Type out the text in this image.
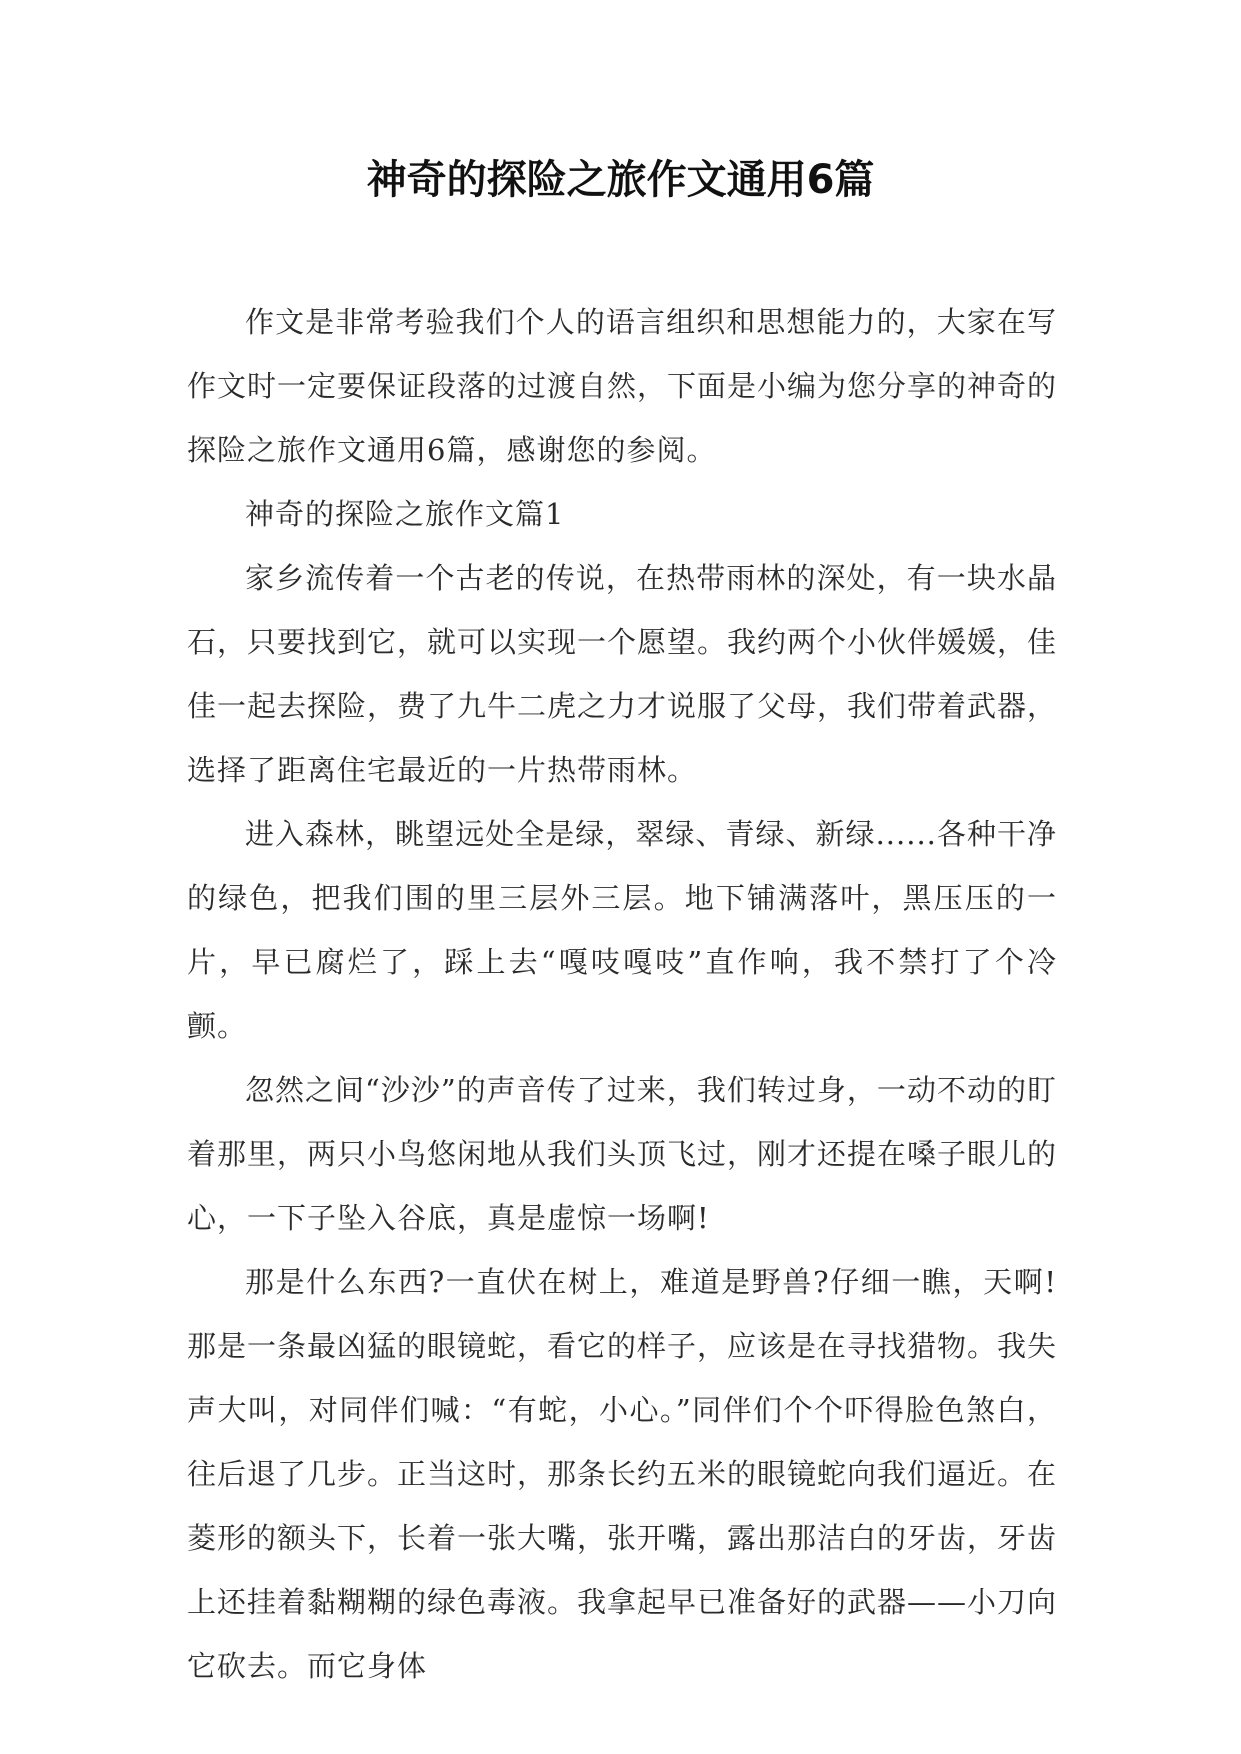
神奇的探险之旅作文通用6篇

作文是非常考验我们个人的语言组织和思想能力的，大家在写作文时一定要保证段落的过渡自然，下面是小编为您分享的神奇的探险之旅作文通用6篇，感谢您的参阅。

神奇的探险之旅作文篇1

家乡流传着一个古老的传说，在热带雨林的深处，有一块水晶石，只要找到它，就可以实现一个愿望。我约两个小伙伴媛媛，佳佳一起去探险，费了九牛二虎之力才说服了父母，我们带着武器，选择了距离住宅最近的一片热带雨林。

进入森林，眺望远处全是绿，翠绿、青绿、新绿......各种干净的绿色，把我们围的里三层外三层。地下铺满落叶，黑压压的一片，早已腐烂了，踩上去“嘎吱嘎吱”直作响，我不禁打了个冷颤。

忽然之间“沙沙”的声音传了过来，我们转过身，一动不动的盯着那里，两只小鸟悠闲地从我们头顶飞过，刚才还提在嗓子眼儿的心，一下子坠入谷底，真是虚惊一场啊!

那是什么东西?一直伏在树上，难道是野兽?仔细一瞧，天啊!那是一条最凶猛的眼镜蛇，看它的样子，应该是在寻找猎物。我失声大叫，对同伴们喊：“有蛇，小心。”同伴们个个吓得脸色煞白，往后退了几步。正当这时，那条长约五米的眼镜蛇向我们逼近。在菱形的额头下，长着一张大嘴，张开嘴，露出那洁白的牙齿，牙齿上还挂着黏糊糊的绿色毒液。我拿起早已准备好的武器——小刀向它砍去。而它身体
